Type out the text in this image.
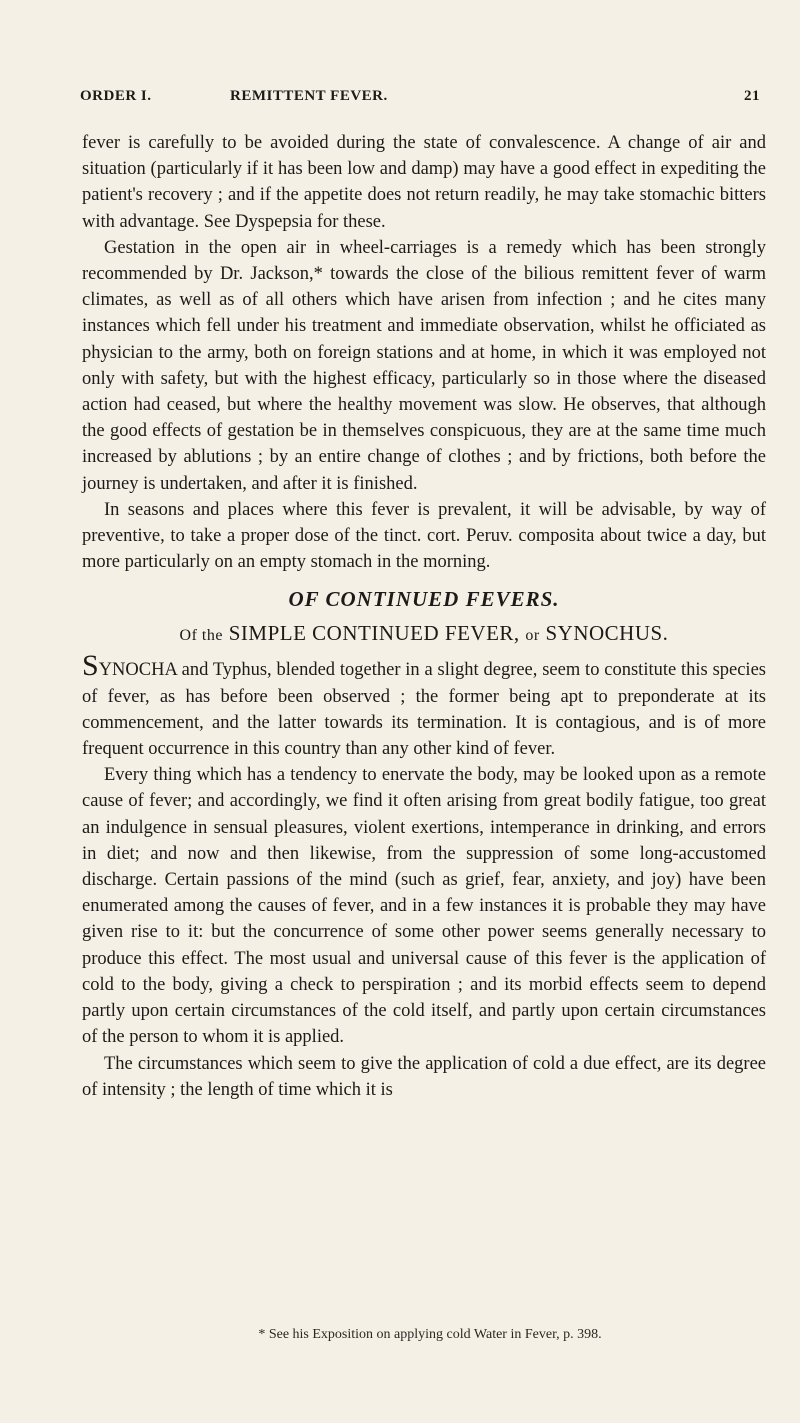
ORDER I.	REMITTENT FEVER.	21

fever is carefully to be avoided during the state of convalescence. A change of air and situation (particularly if it has been low and damp) may have a good effect in expediting the patient's recovery ; and if the appetite does not return readily, he may take stomachic bitters with advantage. See Dyspepsia for these.

Gestation in the open air in wheel-carriages is a remedy which has been strongly recommended by Dr. Jackson,* towards the close of the bilious remittent fever of warm climates, as well as of all others which have arisen from infection ; and he cites many instances which fell under his treatment and immediate observation, whilst he officiated as physician to the army, both on foreign stations and at home, in which it was employed not only with safety, but with the highest efficacy, particularly so in those where the diseased action had ceased, but where the healthy movement was slow. He observes, that although the good effects of gestation be in themselves conspicuous, they are at the same time much increased by ablutions ; by an entire change of clothes ; and by frictions, both before the journey is undertaken, and after it is finished.

In seasons and places where this fever is prevalent, it will be advisable, by way of preventive, to take a proper dose of the tinct. cort. Peruv. composita about twice a day, but more particularly on an empty stomach in the morning.

OF CONTINUED FEVERS.
Of the SIMPLE CONTINUED FEVER, or SYNOCHUS.

SYNOCHA and Typhus, blended together in a slight degree, seem to constitute this species of fever, as has before been observed ; the former being apt to preponderate at its commencement, and the latter towards its termination. It is contagious, and is of more frequent occurrence in this country than any other kind of fever.

Every thing which has a tendency to enervate the body, may be looked upon as a remote cause of fever; and accordingly, we find it often arising from great bodily fatigue, too great an indulgence in sensual pleasures, violent exertions, intemperance in drinking, and errors in diet; and now and then likewise, from the suppression of some long-accustomed discharge. Certain passions of the mind (such as grief, fear, anxiety, and joy) have been enumerated among the causes of fever, and in a few instances it is probable they may have given rise to it: but the concurrence of some other power seems generally necessary to produce this effect. The most usual and universal cause of this fever is the application of cold to the body, giving a check to perspiration ; and its morbid effects seem to depend partly upon certain circumstances of the cold itself, and partly upon certain circumstances of the person to whom it is applied.

The circumstances which seem to give the application of cold a due effect, are its degree of intensity ; the length of time which it is

* See his Exposition on applying cold Water in Fever, p. 398.
